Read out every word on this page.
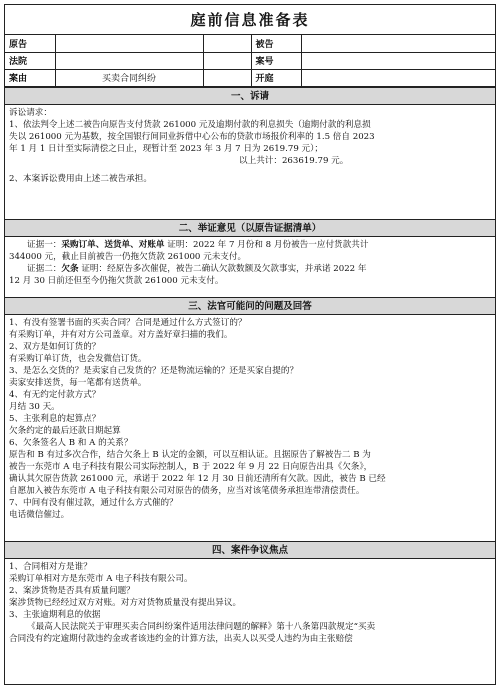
庭前信息准备表
原告			被告	
法院			案号	
案由	买卖合同纠纷		开庭	
一、诉请
诉讼请求：
1、依法判令上述二被告向原告支付货款 261000 元及逾期付款的利息损失（逾期付款的利息损
失以 261000 元为基数，按全国银行间同业拆借中心公布的贷款市场报价利率的 1.5 倍自 2023
年 1 月 1 日计至实际清偿之日止，现暂计至 2023 年 3 月 7 日为 2619.79 元）；
以上共计：263619.79 元。
2、本案诉讼费用由上述二被告承担。
二、举证意见（以原告证据清单）
证据一：采购订单、送货单、对账单 证明：2022 年 7 月份和 8 月份被告一应付货款共计
344000 元，截止目前被告一仍拖欠货款 261000 元未支付。
证据二：欠条 证明：经原告多次催促，被告二确认欠款数额及欠款事实，并承诺 2022 年
12 月 30 日前还但至今仍拖欠货款 261000 元未支付。
三、法官可能问的问题及回答
1、有没有签署书面的买卖合同？合同是通过什么方式签订的？
有采购订单，并有对方公司盖章。对方盖好章扫描的我们。
2、双方是如何订货的？
有采购订单订货，也会发微信订货。
3、是怎么交货的？是卖家自己发货的？还是物流运输的？还是买家自提的？
卖家安排送货，每一笔都有送货单。
4、有无约定付款方式？
月结 30 天。
5、主张利息的起算点？
欠条约定的最后还款日期起算
6、欠条签名人 B 和 A 的关系？
原告和 B 有过多次合作，结合欠条上 B 认定的金额，可以互相认证。且据原告了解被告二 B 为
被告一东莞市 A 电子科技有限公司实际控制人，B 于 2022 年 9 月 22 日向原告出具《欠条》，
确认其欠原告货款 261000 元，承诺于 2022 年 12 月 30 日前还清所有欠款。因此，被告 B 已经
自愿加入被告东莞市 A 电子科技有限公司对原告的债务，应当对该笔债务承担连带清偿责任。
7、中间有没有催过款，通过什么方式催的？
电话微信催过。
四、案件争议焦点
1、合同相对方是谁？
采购订单相对方是东莞市 A 电子科技有限公司。
2、案涉货物是否具有质量问题？
案涉货物已经经过双方对账。对方对货物质量没有提出异议。
3、主张逾期利息的依据
《最高人民法院关于审理买卖合同纠纷案件适用法律问题的解释》第十八条第四款规定“买卖
合同没有约定逾期付款违约金或者该违约金的计算方法，出卖人以买受人违约为由主张赔偿
